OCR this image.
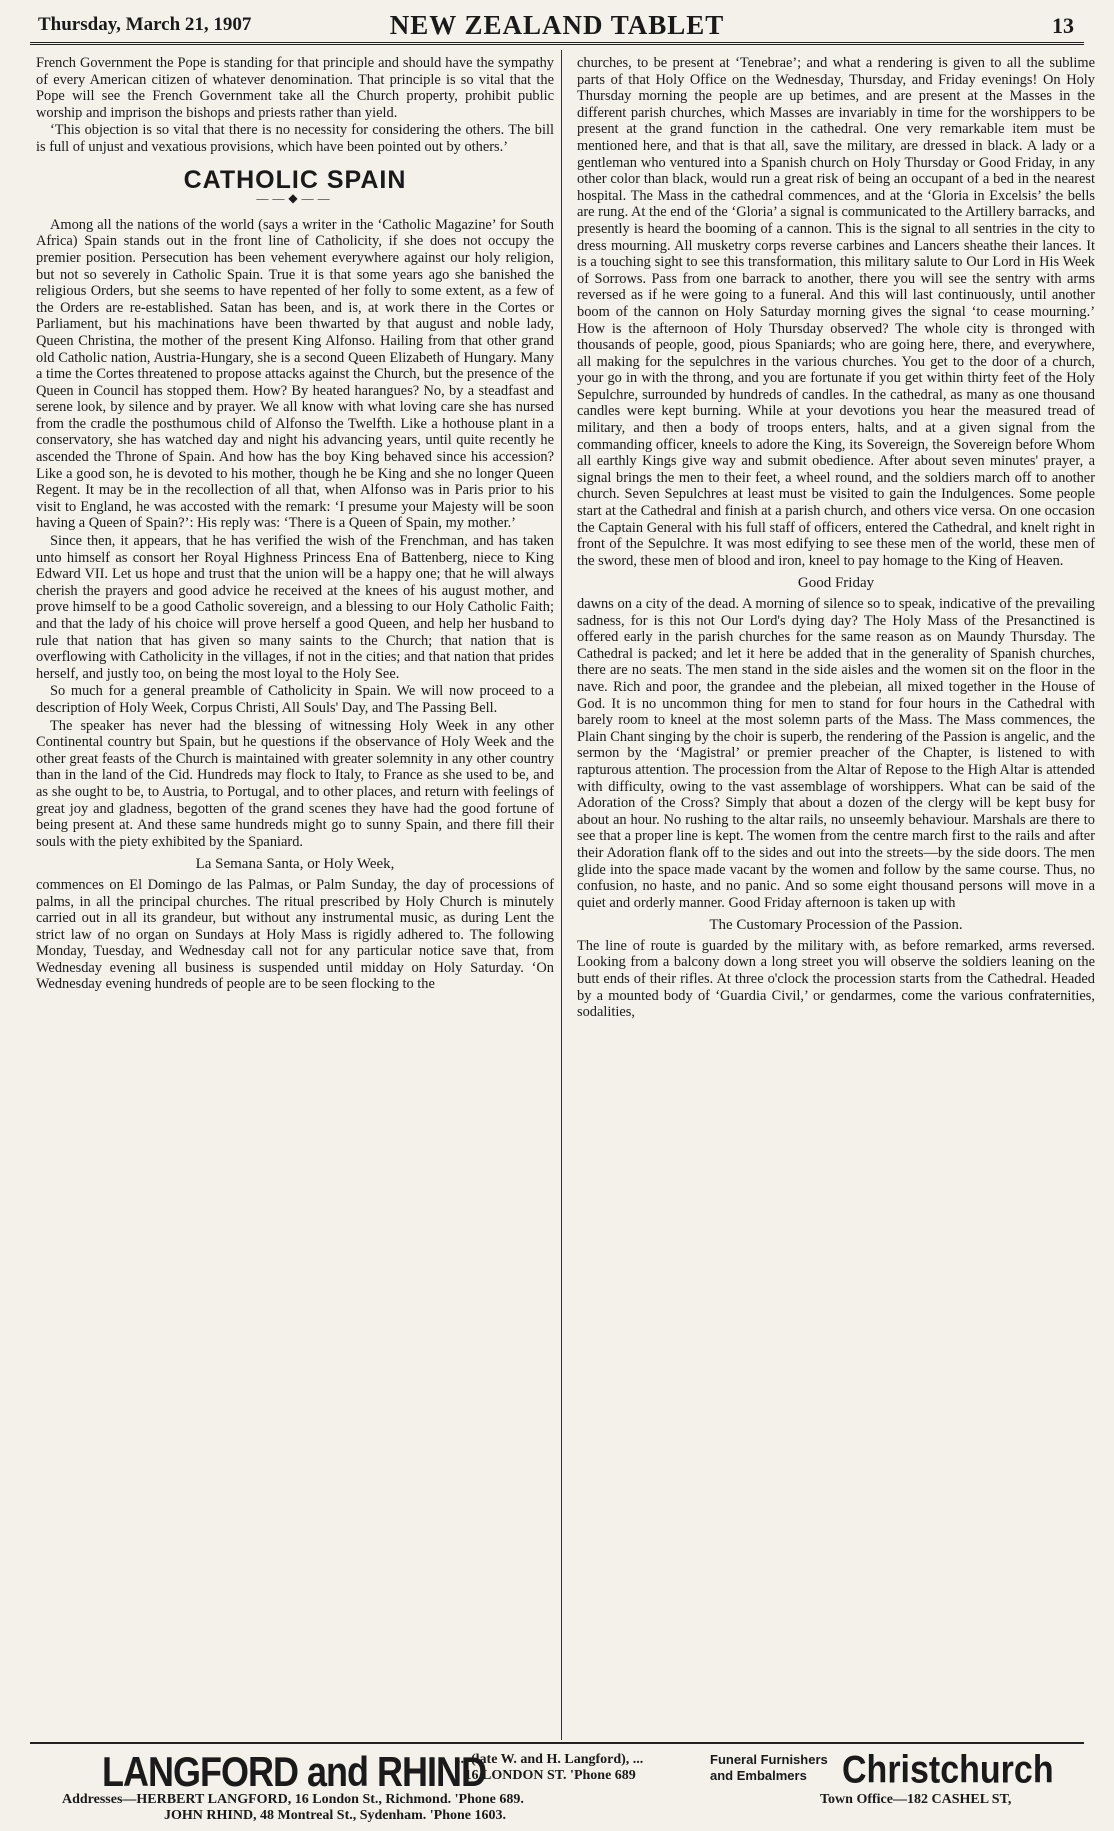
Thursday, March 21, 1907	NEW ZEALAND TABLET	13

French Government the Pope is standing for that principle and should have the sympathy of every American citizen of whatever denomination. That principle is so vital that the Pope will see the French Government take all the Church property, prohibit public worship and imprison the bishops and priests rather than yield.

‘This objection is so vital that there is no necessity for considering the others. The bill is full of unjust and vexatious provisions, which have been pointed out by others.’

CATHOLIC SPAIN
——◆——

Among all the nations of the world (says a writer in the ‘Catholic Magazine’ for South Africa) Spain stands out in the front line of Catholicity, if she does not occupy the premier position. Persecution has been vehement everywhere against our holy religion, but not so severely in Catholic Spain. True it is that some years ago she banished the religious Orders, but she seems to have repented of her folly to some extent, as a few of the Orders are re-established. Satan has been, and is, at work there in the Cortes or Parliament, but his machinations have been thwarted by that august and noble lady, Queen Christina, the mother of the present King Alfonso. Hailing from that other grand old Catholic nation, Austria-Hungary, she is a second Queen Elizabeth of Hungary. Many a time the Cortes threatened to propose attacks against the Church, but the presence of the Queen in Council has stopped them. How? By heated harangues? No, by a steadfast and serene look, by silence and by prayer. We all know with what loving care she has nursed from the cradle the posthumous child of Alfonso the Twelfth. Like a hothouse plant in a conservatory, she has watched day and night his advancing years, until quite recently he ascended the Throne of Spain. And how has the boy King behaved since his accession? Like a good son, he is devoted to his mother, though he be King and she no longer Queen Regent. It may be in the recollection of all that, when Alfonso was in Paris prior to his visit to England, he was accosted with the remark: ‘I presume your Majesty will be soon having a Queen of Spain?’: His reply was: ‘There is a Queen of Spain, my mother.’

Since then, it appears, that he has verified the wish of the Frenchman, and has taken unto himself as consort her Royal Highness Princess Ena of Battenberg, niece to King Edward VII. Let us hope and trust that the union will be a happy one; that he will always cherish the prayers and good advice he received at the knees of his august mother, and prove himself to be a good Catholic sovereign, and a blessing to our Holy Catholic Faith; and that the lady of his choice will prove herself a good Queen, and help her husband to rule that nation that has given so many saints to the Church; that nation that is overflowing with Catholicity in the villages, if not in the cities; and that nation that prides herself, and justly too, on being the most loyal to the Holy See.

So much for a general preamble of Catholicity in Spain. We will now proceed to a description of Holy Week, Corpus Christi, All Souls' Day, and The Passing Bell.

The speaker has never had the blessing of witnessing Holy Week in any other Continental country but Spain, but he questions if the observance of Holy Week and the other great feasts of the Church is maintained with greater solemnity in any other country than in the land of the Cid. Hundreds may flock to Italy, to France as she used to be, and as she ought to be, to Austria, to Portugal, and to other places, and return with feelings of great joy and gladness, begotten of the grand scenes they have had the good fortune of being present at. And these same hundreds might go to sunny Spain, and there fill their souls with the piety exhibited by the Spaniard.

La Semana Santa, or Holy Week,

commences on El Domingo de las Palmas, or Palm Sunday, the day of processions of palms, in all the principal churches. The ritual prescribed by Holy Church is minutely carried out in all its grandeur, but without any instrumental music, as during Lent the strict law of no organ on Sundays at Holy Mass is rigidly adhered to. The following Monday, Tuesday, and Wednesday call not for any particular notice save that, from Wednesday evening all business is suspended until midday on Holy Saturday. ‘On Wednesday evening hundreds of people are to be seen flocking to the

churches, to be present at ‘Tenebrae’; and what a rendering is given to all the sublime parts of that Holy Office on the Wednesday, Thursday, and Friday evenings! On Holy Thursday morning the people are up betimes, and are present at the Masses in the different parish churches, which Masses are invariably in time for the worshippers to be present at the grand function in the cathedral. One very remarkable item must be mentioned here, and that is that all, save the military, are dressed in black. A lady or a gentleman who ventured into a Spanish church on Holy Thursday or Good Friday, in any other color than black, would run a great risk of being an occupant of a bed in the nearest hospital. The Mass in the cathedral commences, and at the ‘Gloria in Excelsis’ the bells are rung. At the end of the ‘Gloria’ a signal is communicated to the Artillery barracks, and presently is heard the booming of a cannon. This is the signal to all sentries in the city to dress mourning. All musketry corps reverse carbines and Lancers sheathe their lances. It is a touching sight to see this transformation, this military salute to Our Lord in His Week of Sorrows. Pass from one barrack to another, there you will see the sentry with arms reversed as if he were going to a funeral. And this will last continuously, until another boom of the cannon on Holy Saturday morning gives the signal ‘to cease mourning.’ How is the afternoon of Holy Thursday observed? The whole city is thronged with thousands of people, good, pious Spaniards; who are going here, there, and everywhere, all making for the sepulchres in the various churches. You get to the door of a church, your go in with the throng, and you are fortunate if you get within thirty feet of the Holy Sepulchre, surrounded by hundreds of candles. In the cathedral, as many as one thousand candles were kept burning. While at your devotions you hear the measured tread of military, and then a body of troops enters, halts, and at a given signal from the commanding officer, kneels to adore the King, its Sovereign, the Sovereign before Whom all earthly Kings give way and submit obedience. After about seven minutes' prayer, a signal brings the men to their feet, a wheel round, and the soldiers march off to another church. Seven Sepulchres at least must be visited to gain the Indulgences. Some people start at the Cathedral and finish at a parish church, and others vice versa. On one occasion the Captain General with his full staff of officers, entered the Cathedral, and knelt right in front of the Sepulchre. It was most edifying to see these men of the world, these men of the sword, these men of blood and iron, kneel to pay homage to the King of Heaven.

Good Friday

dawns on a city of the dead. A morning of silence so to speak, indicative of the prevailing sadness, for is this not Our Lord's dying day? The Holy Mass of the Presanctined is offered early in the parish churches for the same reason as on Maundy Thursday. The Cathedral is packed; and let it here be added that in the generality of Spanish churches, there are no seats. The men stand in the side aisles and the women sit on the floor in the nave. Rich and poor, the grandee and the plebeian, all mixed together in the House of God. It is no uncommon thing for men to stand for four hours in the Cathedral with barely room to kneel at the most solemn parts of the Mass. The Mass commences, the Plain Chant singing by the choir is superb, the rendering of the Passion is angelic, and the sermon by the ‘Magistral’ or premier preacher of the Chapter, is listened to with rapturous attention. The procession from the Altar of Repose to the High Altar is attended with difficulty, owing to the vast assemblage of worshippers. What can be said of the Adoration of the Cross? Simply that about a dozen of the clergy will be kept busy for about an hour. No rushing to the altar rails, no unseemly behaviour. Marshals are there to see that a proper line is kept. The women from the centre march first to the rails and after their Adoration flank off to the sides and out into the streets—by the side doors. The men glide into the space made vacant by the women and follow by the same course. Thus, no confusion, no haste, and no panic. And so some eight thousand persons will move in a quiet and orderly manner. Good Friday afternoon is taken up with

The Customary Procession of the Passion.

The line of route is guarded by the military with, as before remarked, arms reversed. Looking from a balcony down a long street you will observe the soldiers leaning on the butt ends of their rifles. At three o'clock the procession starts from the Cathedral. Headed by a mounted body of ‘Guardia Civil,’ or gendarmes, come the various confraternities, sodalities,

LANGFORD and RHIND
... (late W. and H. Langford), ...
16 LONDON ST. 'Phone 689
Funeral Furnishers
and Embalmers	Christchurch
Addresses—HERBERT LANGFORD, 16 London St., Richmond. 'Phone 689.
JOHN RHIND, 48 Montreal St., Sydenham. 'Phone 1603.
Town Office—182 CASHEL ST,
